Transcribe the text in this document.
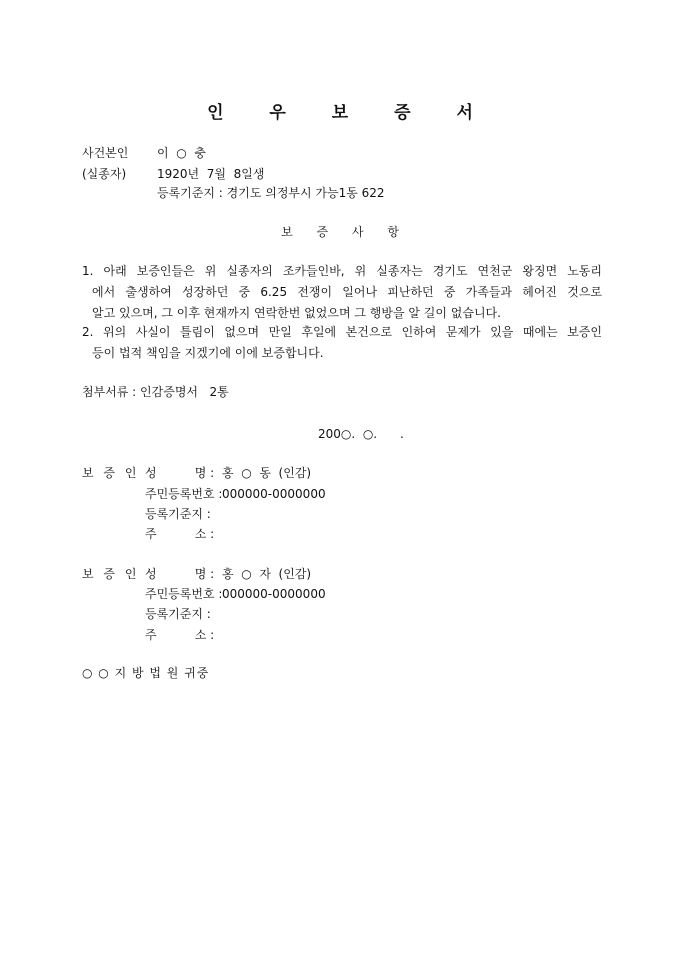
인 우 보 증 서
사건본인 이  ○  충
(실종자)	1920년  7월  8일생
등록기준지 : 경기도 의정부시 가능1동 622
보 증 사 항
1. 아래 보증인들은 위 실종자의 조카들인바, 위 실종자는 경기도 연천군 왕징면 노동리
에서 출생하여 성장하던 중 6.25 전쟁이 일어나 피난하던 중 가족들과 헤어진 것으로
알고 있으며, 그 이후 현재까지 연락한번 없었으며 그 행방을 알 길이 없습니다.
2. 위의 사실이 틀림이 없으며 만일 후일에 본건으로 인하여 문제가 있을 때에는 보증인
등이 법적 책임을 지겠기에 이에 보증합니다.
첨부서류 : 인감증명서   2통
200○.  ○.      .
보 증 인 성          명 : 홍  ○  동  (인감)
주민등록번호 : 000000-0000000
등록기준지 :
주          소 :
보 증 인 성          명 : 홍  ○  자  (인감)
주민등록번호 : 000000-0000000
등록기준지 :
주          소 :
○ ○ 지 방 법 원 귀중
